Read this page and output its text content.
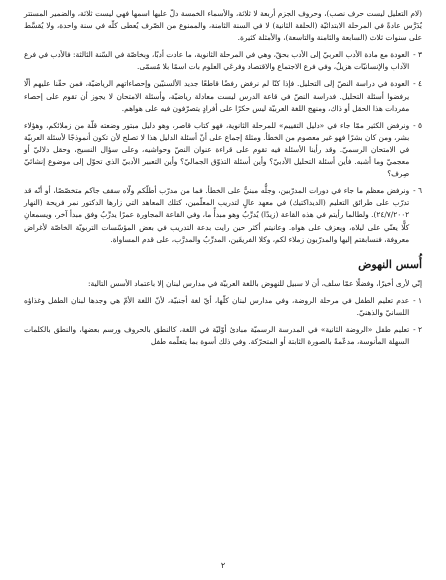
(لام التعليل ليست حرف نصب)، وحروف الجزم أربعة لا ثلاثة، والأسماء الخمسة دلّ عليها اسمها فهي ليست ثلاثة، والضمير المستتر يُدَرَّس عادةً في المرحلة الابتدائيّة (الحلقة الثانية) لا في السنة الثامنة، والممنوع من الصّرف يُعطى كلّه في سنة واحدة، ولا يُقسَّط على سنوات ثلاث (السابعة والثامنة والتاسعة)، والأمثلة كثيرة.

٣ -
العودة مع مادة الأدب العربيّ إلى الأدب بحقّ، وهي في المرحلة الثانوية، ما عادت أدبًا، وبخاصّة في السّنة الثالثة: فالأدب في فرع الآداب والإنسانيّات هزيلٌ، وفي فرع الاجتماع والاقتصاد وفرعَي العلوم بات اسمًا بلا مُسمّى.
٤ -
العودة في دراسة النصّ إلى التحليل. فإذا كنّا لم نرفض رفضًا قاطعًا جديد الألسنيّين وإحصاءاتهم الرياضيّة، فمن حقّنا عليهم ألّا يرفضوا أسئلة التحليل. فدراسة النصّ في قاعة الدرس ليست معادلة رياضيّة، وأسئلة الامتحان لا يجوز أن تقوم على إحصاء مفردات هذا الحقل أو ذاك، ومنهج اللغة العربيّة ليس حكرًا على أفرادٍ يتصرّفون فيه على هواهم.
٥ -
ونرفض الكثير ممّا جاء في «دليل التقييم» للمرحلة الثانوية، فهو كتاب قاصر، وهو دليل مبتور وضعته قلّة من زملائكم، وهؤلاء بشر، ومن كان بشرًا فهو غير معصوم من الخطأ. ومثلهُ إجماع على أنّ أسئلة الدليل هذا لا تصلح لأن تكون أنموذجًا لأسئلة العربيّة في الامتحان الرسميّ. وقد رأينا الأسئلة فيه تقوم على قراءة عنوان النصّ وحواشيه، وعلى سؤال النسيج، وحقل دلاليّ أو معجميّ وما أشبه. فأين أسئلة التحليل الأدبيّ؟ وأين أسئلة التذوّق الجماليّ؟ وأين التعبير الأدبيّ الذي تحوّل إلى موضوع إنشائيّ صِرف؟
٦ -
ونرفض معظم ما جاء في دورات المدرّبين، وجلُّه مبنيٌّ على الخطأ. فما من مدرّب أطلّكم ولّاه سقف جاكم متخصّصًا، أو أنّه قد تدرّب على طرائق التعليم (الديداكتيك) في معهد عالٍ لتدريب المعلّمين، كتلك المعاهد التي زارها الدكتور نمر فريحة (النهار ٢٤/٧/٢٠٠٢). ولطالما رأيتم في هذه القاعة (زيدًا) يُدرِّبُ وهو مبدأً ما، وفي القاعة المجاورة عمرًا يدرِّبُ وفق مبدأ آخر، ويسمعانِ كلًّا يعنّي على ليلاه، ويعزف على هواه. وعانيتم أكثر حين رايت بدعة التدريب في بعض المؤسّسات التربويّة الخاصّة لأغراض معروفة، فنسابقتم إليها والمدرّبون زملاء لكم، وكلا الفريقَين، المدرِّبُ والمدرَّب، على قدم المساواة.
أُسس النهوض

إنّي لأرى أخيرًا، وفضلًا عمّا سلف، أن لا سبيل للنهوض باللغة العربيّة في مدارس لبنان إلا باعتماد الأسس التالية:

١ -
عدم تعليم الطفل في مرحلة الروضة، وفي مدارس لبنان كلّها، أيّ لغة أجنبيّة، لأنّ اللغة الأمّ هي وجدها لبنان الطفل وغذاؤه اللسانيّ والذهنيّ.
٢ -
تعليم طفل «الروضة الثانية» في المدرسة الرسميّة مبادئ أوّليّة في اللغة، كالنطق بالحروف ورسم بعضها، والنطق بالكلمات السهلة المأنوسة، مدعّمةً بالصورة الثابتة أو المتحرّكة. وفي ذلك أسوة بما يتعلّمه طفل
٢
